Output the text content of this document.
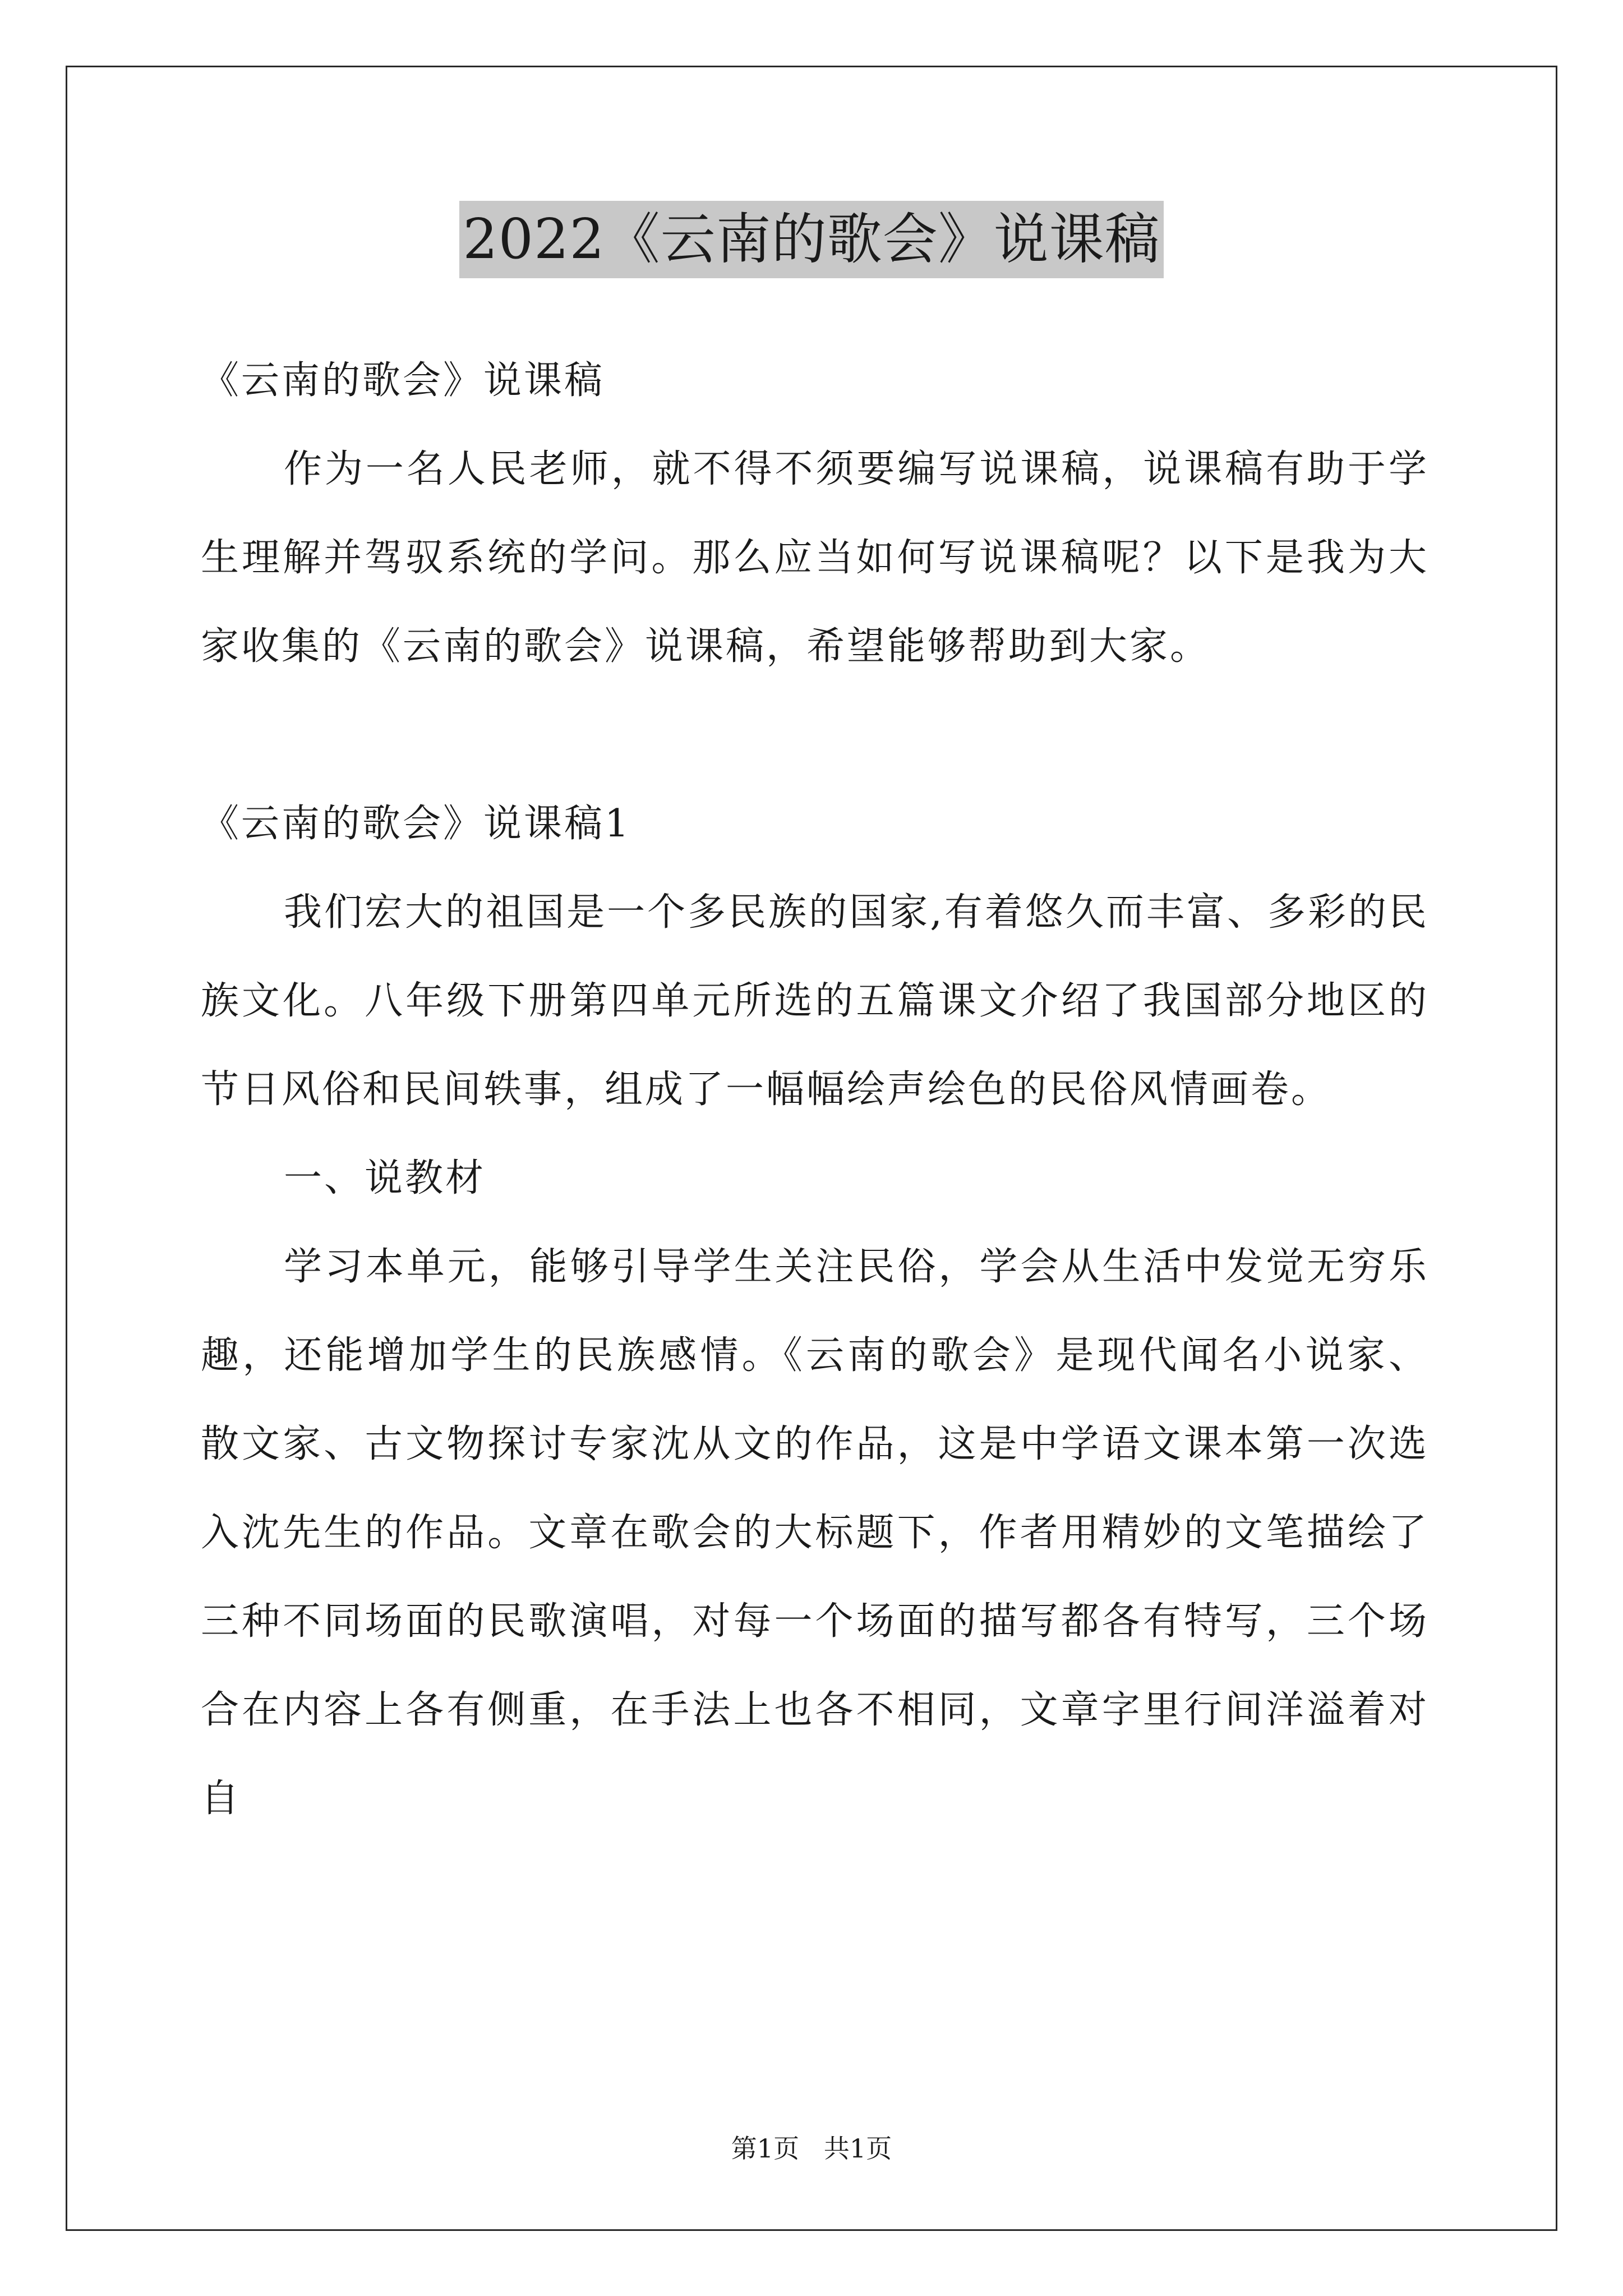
2022《云南的歌会》说课稿

《云南的歌会》说课稿

作为一名人民老师，就不得不须要编写说课稿，说课稿有助于学生理解并驾驭系统的学问。那么应当如何写说课稿呢？以下是我为大家收集的《云南的歌会》说课稿，希望能够帮助到大家。

《云南的歌会》说课稿1

我们宏大的祖国是一个多民族的国家,有着悠久而丰富、多彩的民族文化。八年级下册第四单元所选的五篇课文介绍了我国部分地区的节日风俗和民间轶事，组成了一幅幅绘声绘色的民俗风情画卷。

一、说教材

学习本单元，能够引导学生关注民俗，学会从生活中发觉无穷乐趣，还能增加学生的民族感情。《云南的歌会》是现代闻名小说家、散文家、古文物探讨专家沈从文的作品，这是中学语文课本第一次选入沈先生的作品。文章在歌会的大标题下，作者用精妙的文笔描绘了三种不同场面的民歌演唱，对每一个场面的描写都各有特写，三个场合在内容上各有侧重，在手法上也各不相同，文章字里行间洋溢着对自

第1页   共1页
